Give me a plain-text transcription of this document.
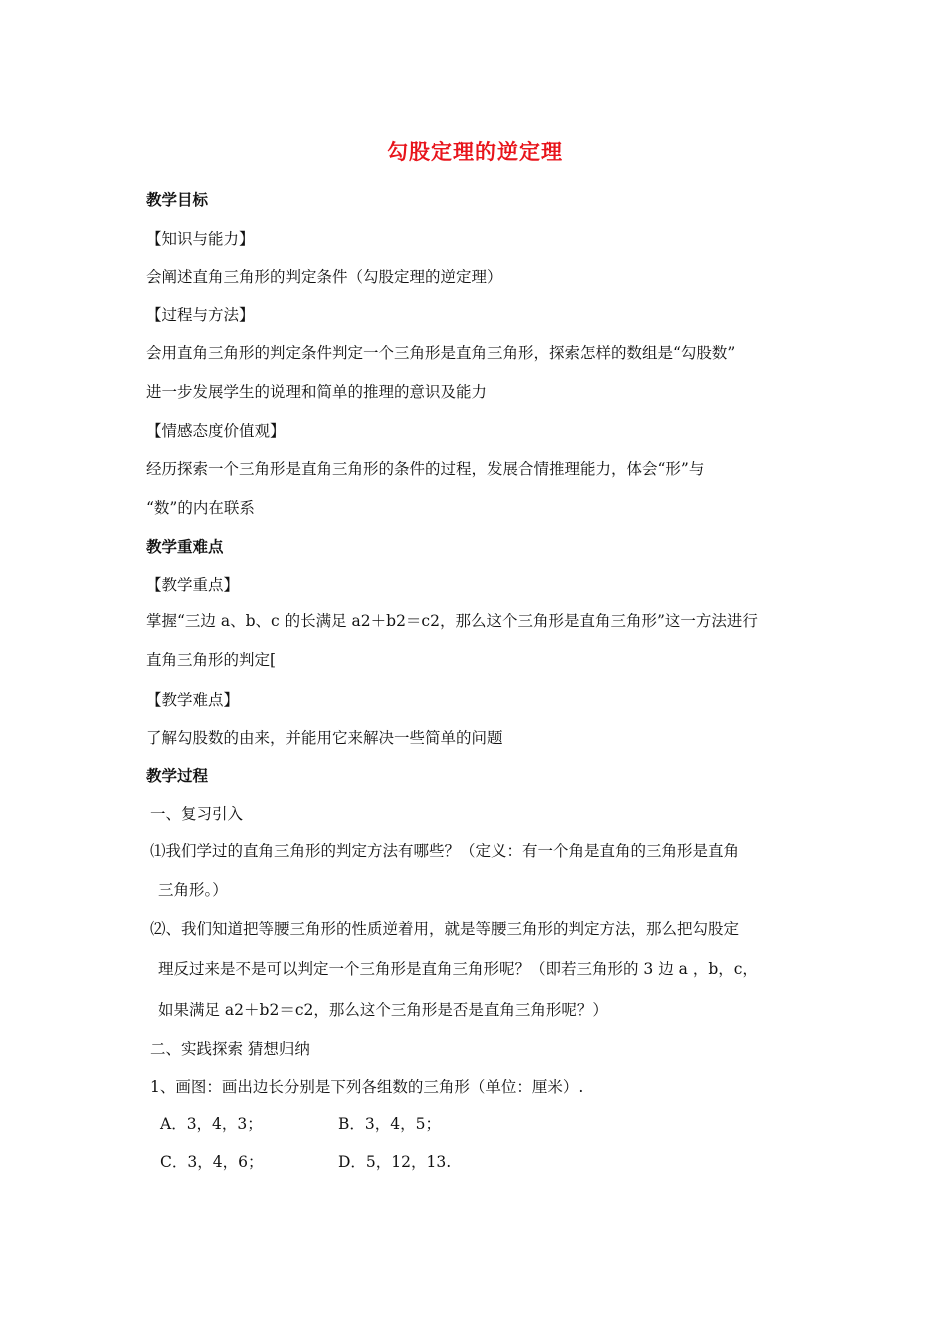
勾股定理的逆定理
教学目标
【知识与能力】
会阐述直角三角形的判定条件（勾股定理的逆定理）
【过程与方法】
会用直角三角形的判定条件判定一个三角形是直角三角形，探索怎样的数组是“勾股数”
进一步发展学生的说理和简单的推理的意识及能力
【情感态度价值观】
经历探索一个三角形是直角三角形的条件的过程，发展合情推理能力，体会“形”与
“数”的内在联系
教学重难点
【教学重点】
掌握“三边 a、b、c 的长满足 a2＋b2＝c2，那么这个三角形是直角三角形”这一方法进行
直角三角形的判定[
【教学难点】
了解勾股数的由来，并能用它来解决一些简单的问题
教学过程
一、复习引入
⑴我们学过的直角三角形的判定方法有哪些？（定义：有一个角是直角的三角形是直角
三角形。）
⑵、我们知道把等腰三角形的性质逆着用，就是等腰三角形的判定方法，那么把勾股定
理反过来是不是可以判定一个三角形是直角三角形呢？（即若三角形的 3 边 a ，b，c，
如果满足 a2＋b2＝c2，那么这个三角形是否是直角三角形呢？）
二、实践探索 猜想归纳
1、画图：画出边长分别是下列各组数的三角形（单位：厘米）.
A．3，4，3；	B．3，4，5；
C．3，4，6；	D．5，12，13.
